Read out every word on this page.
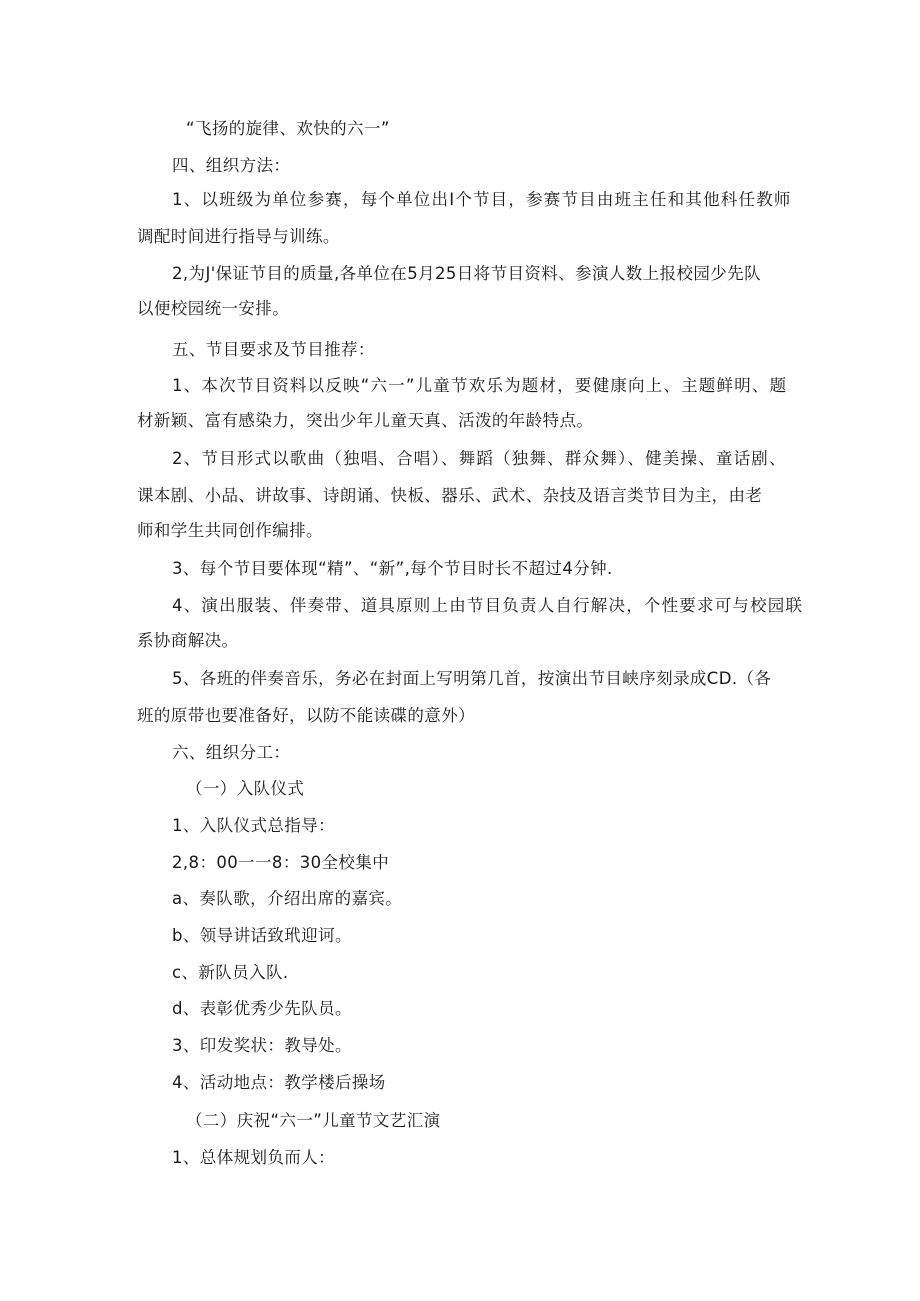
“飞扬的旋律、欢快的六一”
四、组织方法：
1、以班级为单位参赛，每个单位出Ⅰ个节目，参赛节目由班主任和其他科任教师
调配时间进行指导与训练。
2,为J'保证节目的质量,各单位在5月25日将节目资料、参演人数上报校园少先队
以便校园统一安排。
五、节目要求及节目推荐：
1、本次节目资料以反映“六一”儿童节欢乐为题材，要健康向上、主题鲜明、题
材新颖、富有感染力，突出少年儿童天真、活泼的年龄特点。
2、节目形式以歌曲（独唱、合唱）、舞蹈（独舞、群众舞）、健美操、童话剧、
课本剧、小品、讲故事、诗朗诵、快板、器乐、武术、杂技及语言类节目为主，由老
师和学生共同创作编排。
3、每个节目要体现“精”、“新”,每个节目时长不超过4分钟.
4、演出服装、伴奏带、道具原则上由节目负责人自行解决，个性要求可与校园联
系协商解决。
5、各班的伴奏音乐，务必在封面上写明第几首，按演出节目峡序刻录成CD.（各
班的原带也要准备好，以防不能读碟的意外）
六、组织分工：
（一）入队仪式
1、入队仪式总指导：
2,8：00一一8：30全校集中
a、奏队歌，介绍出席的嘉宾。
b、领导讲话致玳迎诃。
c、新队员入队.
d、表彰优秀少先队员。
3、印发奖状：教导处。
4、活动地点：教学楼后操场
（二）庆祝“六一”儿童节文艺汇演
1、总体规划负而人：
